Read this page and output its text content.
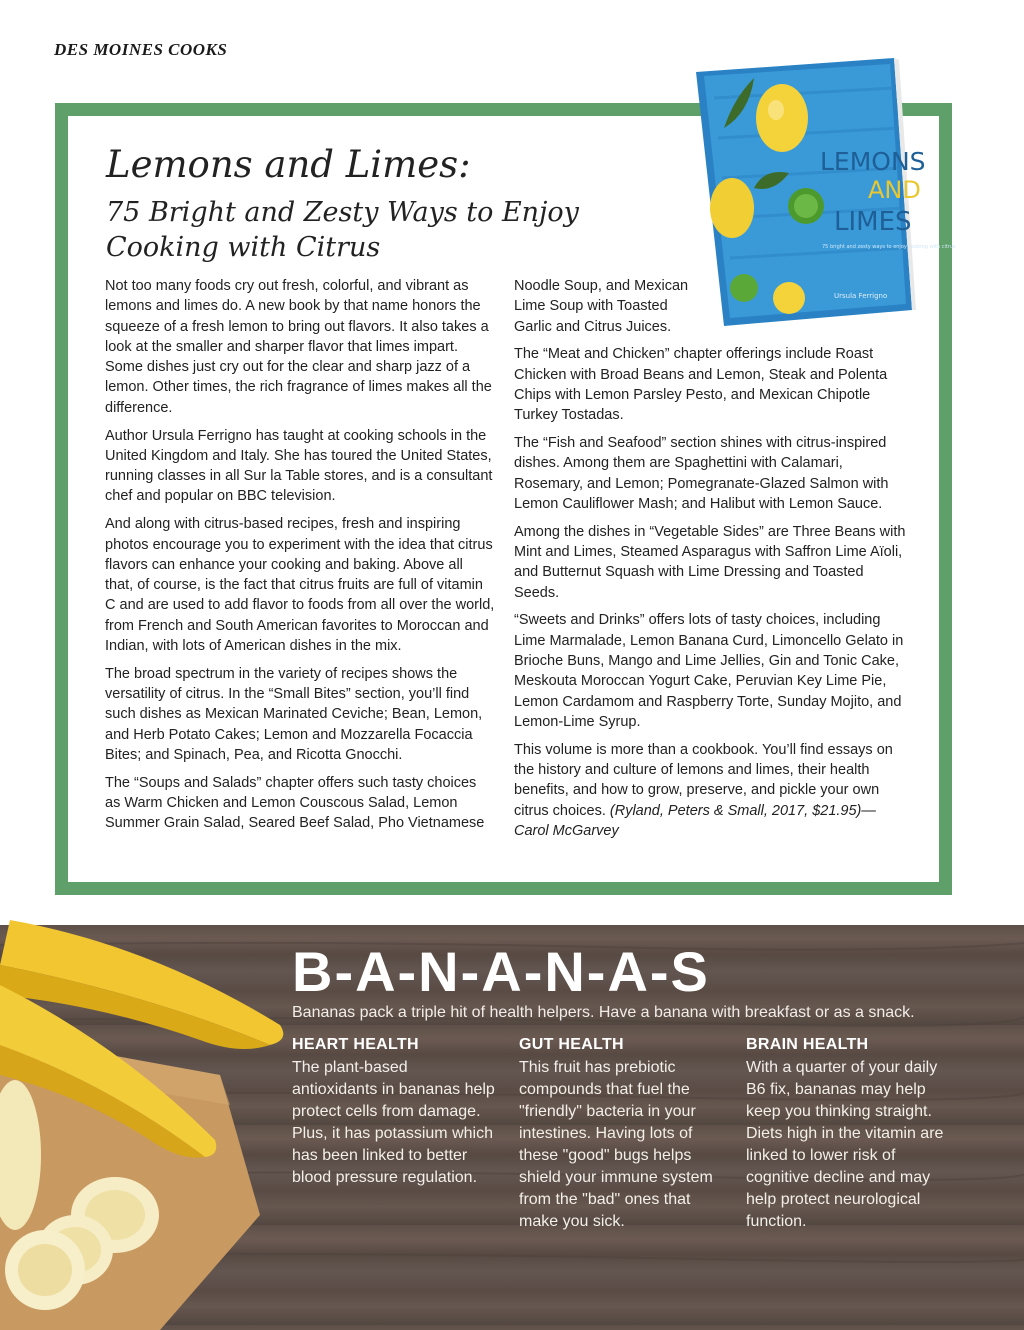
DES MOINES COOKS
LEMONS
AND
LIMES
75 bright and zesty ways to enjoy cooking with citrus
Ursula Ferrigno
Lemons and Limes:
75 Bright and Zesty Ways to Enjoy Cooking with Citrus

Not too many foods cry out fresh, colorful, and vibrant as lemons and limes do. A new book by that name honors the squeeze of a fresh lemon to bring out flavors. It also takes a look at the smaller and sharper flavor that limes impart. Some dishes just cry out for the clear and sharp jazz of a lemon. Other times, the rich fragrance of limes makes all the difference.

Author Ursula Ferrigno has taught at cooking schools in the United Kingdom and Italy. She has toured the United States, running classes in all Sur la Table stores, and is a consultant chef and popular on BBC television.

And along with citrus-based recipes, fresh and inspiring photos encourage you to experiment with the idea that citrus flavors can enhance your cooking and baking. Above all that, of course, is the fact that citrus fruits are full of vitamin C and are used to add flavor to foods from all over the world, from French and South American favorites to Moroccan and Indian, with lots of American dishes in the mix.

The broad spectrum in the variety of recipes shows the versatility of citrus. In the “Small Bites” section, you’ll find such dishes as Mexican Marinated Ceviche; Bean, Lemon, and Herb Potato Cakes; Lemon and Mozzarella Focaccia Bites; and Spinach, Pea, and Ricotta Gnocchi.

The “Soups and Salads” chapter offers such tasty choices as Warm Chicken and Lemon Couscous Salad, Lemon Summer Grain Salad, Seared Beef Salad, Pho Vietnamese

Noodle Soup, and Mexican Lime Soup with Toasted Garlic and Citrus Juices.

The “Meat and Chicken” chapter offerings include Roast Chicken with Broad Beans and Lemon, Steak and Polenta Chips with Lemon Parsley Pesto, and Mexican Chipotle Turkey Tostadas.

The “Fish and Seafood” section shines with citrus-inspired dishes. Among them are Spaghettini with Calamari, Rosemary, and Lemon; Pomegranate-Glazed Salmon with Lemon Cauliflower Mash; and Halibut with Lemon Sauce.

Among the dishes in “Vegetable Sides” are Three Beans with Mint and Limes, Steamed Asparagus with Saffron Lime Aïoli, and Butternut Squash with Lime Dressing and Toasted Seeds.

“Sweets and Drinks” offers lots of tasty choices, including Lime Marmalade, Lemon Banana Curd, Limoncello Gelato in Brioche Buns, Mango and Lime Jellies, Gin and Tonic Cake, Meskouta Moroccan Yogurt Cake, Peruvian Key Lime Pie, Lemon Cardamom and Raspberry Torte, Sunday Mojito, and Lemon-Lime Syrup.

This volume is more than a cookbook. You’ll find essays on the history and culture of lemons and limes, their health benefits, and how to grow, preserve, and pickle your own citrus choices. (Ryland, Peters & Small, 2017, $21.95)—Carol McGarvey

B-A-N-A-N-A-S
Bananas pack a triple hit of health helpers. Have a banana with breakfast or as a snack.
HEART HEALTH

The plant-based antioxidants in bananas help protect cells from damage. Plus, it has potassium which has been linked to better blood pressure regulation.

GUT HEALTH

This fruit has prebiotic compounds that fuel the "friendly" bacteria in your intestines. Having lots of these "good" bugs helps shield your immune system from the "bad" ones that make you sick.

BRAIN HEALTH

With a quarter of your daily B6 fix, bananas may help keep you thinking straight. Diets high in the vitamin are linked to lower risk of cognitive decline and may help protect neurological function.
